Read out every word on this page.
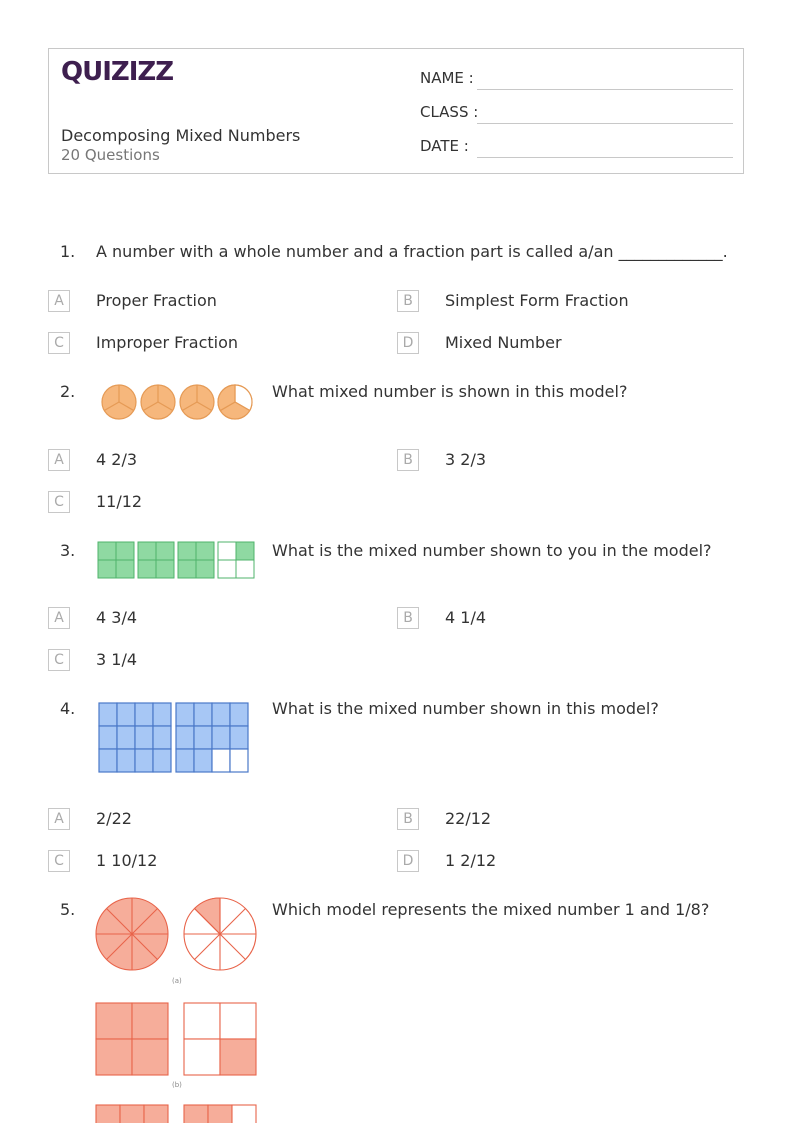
QUIZIZZ
Decomposing Mixed Numbers
20 Questions
NAME :
CLASS :
DATE :
1. A number with a whole number and a fraction part is called a/an _____________.
A	Proper Fraction	B	Simplest Form Fraction
C	Improper Fraction	D	Mixed Number
2.	What mixed number is shown in this model?
A	4 2/3	B	3 2/3
C	11/12
3.	What is the mixed number shown to you in the model?
A	4 3/4	B	4 1/4
C	3 1/4
4.	What is the mixed number shown in this model?
A	2/22	B	22/12
C	1 10/12	D	1 2/12
5.
(a)
Which model represents the mixed number 1 and 1/8?
(b)
